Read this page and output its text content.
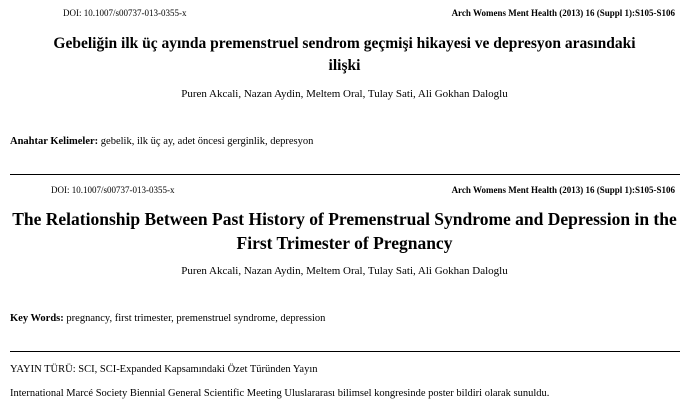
DOI: 10.1007/s00737-013-0355-x	Arch Womens Ment Health (2013) 16 (Suppl 1):S105-S106
Gebeliğin ilk üç ayında premenstruel sendrom geçmişi hikayesi ve depresyon arasındaki
ilişki
Puren Akcali, Nazan Aydin, Meltem Oral, Tulay Sati, Ali Gokhan Daloglu
Anahtar Kelimeler: gebelik, ilk üç ay, adet öncesi gerginlik, depresyon
DOI: 10.1007/s00737-013-0355-x	Arch Womens Ment Health (2013) 16 (Suppl 1):S105-S106
The Relationship Between Past History of Premenstrual Syndrome and Depression in the
First Trimester of Pregnancy
Puren Akcali, Nazan Aydin, Meltem Oral, Tulay Sati, Ali Gokhan Daloglu
Key Words: pregnancy, first trimester, premenstruel syndrome, depression
YAYIN TÜRÜ: SCI, SCI-Expanded Kapsamındaki Özet Türünden Yayın
International Marcé Society Biennial General Scientific Meeting Uluslararası bilimsel kongresinde poster bildiri olarak sunuldu.
